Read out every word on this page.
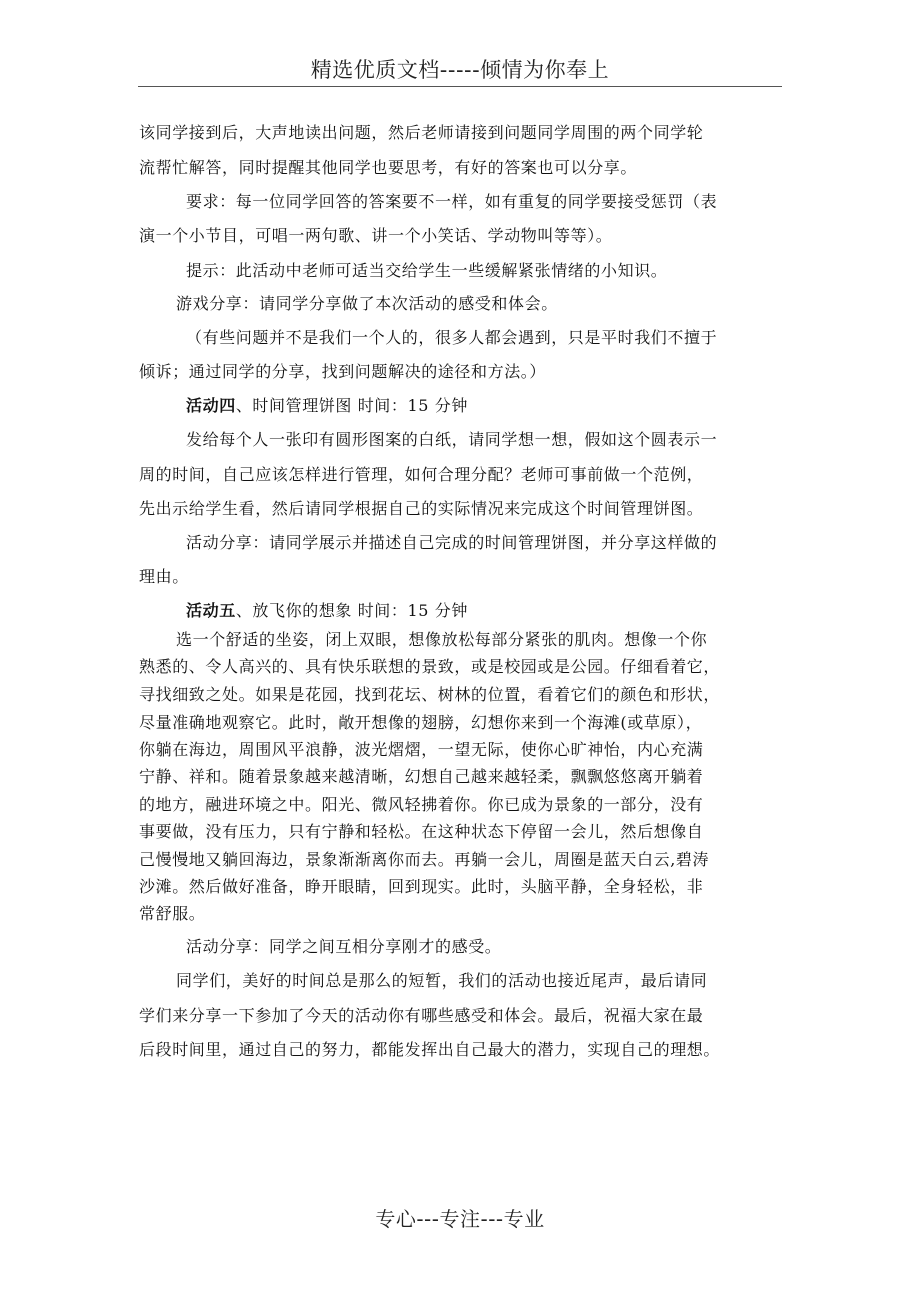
精选优质文档-----倾情为你奉上
该同学接到后，大声地读出问题，然后老师请接到问题同学周围的两个同学轮
流帮忙解答，同时提醒其他同学也要思考，有好的答案也可以分享。
要求：每一位同学回答的答案要不一样，如有重复的同学要接受惩罚（表
演一个小节目，可唱一两句歌、讲一个小笑话、学动物叫等等）。
提示：此活动中老师可适当交给学生一些缓解紧张情绪的小知识。
游戏分享：请同学分享做了本次活动的感受和体会。
（有些问题并不是我们一个人的，很多人都会遇到，只是平时我们不擅于
倾诉；通过同学的分享，找到问题解决的途径和方法。）
活动四、时间管理饼图 时间：15 分钟
发给每个人一张印有圆形图案的白纸，请同学想一想，假如这个圆表示一
周的时间，自己应该怎样进行管理，如何合理分配？老师可事前做一个范例，
先出示给学生看，然后请同学根据自己的实际情况来完成这个时间管理饼图。
活动分享：请同学展示并描述自己完成的时间管理饼图，并分享这样做的
理由。
活动五、放飞你的想象 时间：15 分钟
选一个舒适的坐姿，闭上双眼，想像放松每部分紧张的肌肉。想像一个你
熟悉的、令人高兴的、具有快乐联想的景致，或是校园或是公园。仔细看着它，
寻找细致之处。如果是花园，找到花坛、树林的位置，看着它们的颜色和形状，
尽量准确地观察它。此时，敞开想像的翅膀，幻想你来到一个海滩(或草原），
你躺在海边，周围风平浪静，波光熠熠，一望无际，使你心旷神怡，内心充满
宁静、祥和。随着景象越来越清晰，幻想自己越来越轻柔，飘飘悠悠离开躺着
的地方，融进环境之中。阳光、微风轻拂着你。你已成为景象的一部分，没有
事要做，没有压力，只有宁静和轻松。在这种状态下停留一会儿，然后想像自
己慢慢地又躺回海边，景象渐渐离你而去。再躺一会儿，周圈是蓝天白云,碧涛
沙滩。然后做好准备，睁开眼睛，回到现实。此时，头脑平静，全身轻松，非
常舒服。
活动分享：同学之间互相分享刚才的感受。
同学们，美好的时间总是那么的短暂，我们的活动也接近尾声，最后请同
学们来分享一下参加了今天的活动你有哪些感受和体会。最后，祝福大家在最
后段时间里，通过自己的努力，都能发挥出自己最大的潜力，实现自己的理想。
专心---专注---专业
